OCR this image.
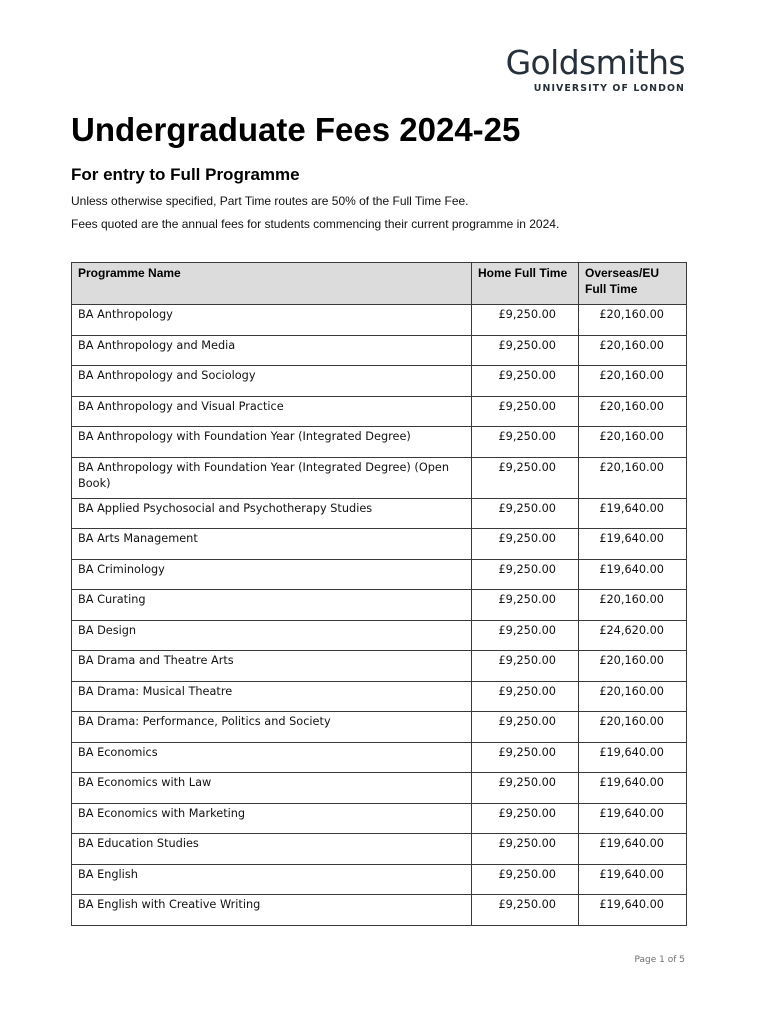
Goldsmiths
UNIVERSITY OF LONDON
Undergraduate Fees 2024-25
For entry to Full Programme

Unless otherwise specified, Part Time routes are 50% of the Full Time Fee.

Fees quoted are the annual fees for students commencing their current programme in 2024.

Programme Name	Home Full Time	Overseas/EU Full Time
BA Anthropology	£9,250.00	£20,160.00
BA Anthropology and Media	£9,250.00	£20,160.00
BA Anthropology and Sociology	£9,250.00	£20,160.00
BA Anthropology and Visual Practice	£9,250.00	£20,160.00
BA Anthropology with Foundation Year (Integrated Degree)	£9,250.00	£20,160.00
BA Anthropology with Foundation Year (Integrated Degree) (Open Book)	£9,250.00	£20,160.00
BA Applied Psychosocial and Psychotherapy Studies	£9,250.00	£19,640.00
BA Arts Management	£9,250.00	£19,640.00
BA Criminology	£9,250.00	£19,640.00
BA Curating	£9,250.00	£20,160.00
BA Design	£9,250.00	£24,620.00
BA Drama and Theatre Arts	£9,250.00	£20,160.00
BA Drama: Musical Theatre	£9,250.00	£20,160.00
BA Drama: Performance, Politics and Society	£9,250.00	£20,160.00
BA Economics	£9,250.00	£19,640.00
BA Economics with Law	£9,250.00	£19,640.00
BA Economics with Marketing	£9,250.00	£19,640.00
BA Education Studies	£9,250.00	£19,640.00
BA English	£9,250.00	£19,640.00
BA English with Creative Writing	£9,250.00	£19,640.00
Page 1 of 5
